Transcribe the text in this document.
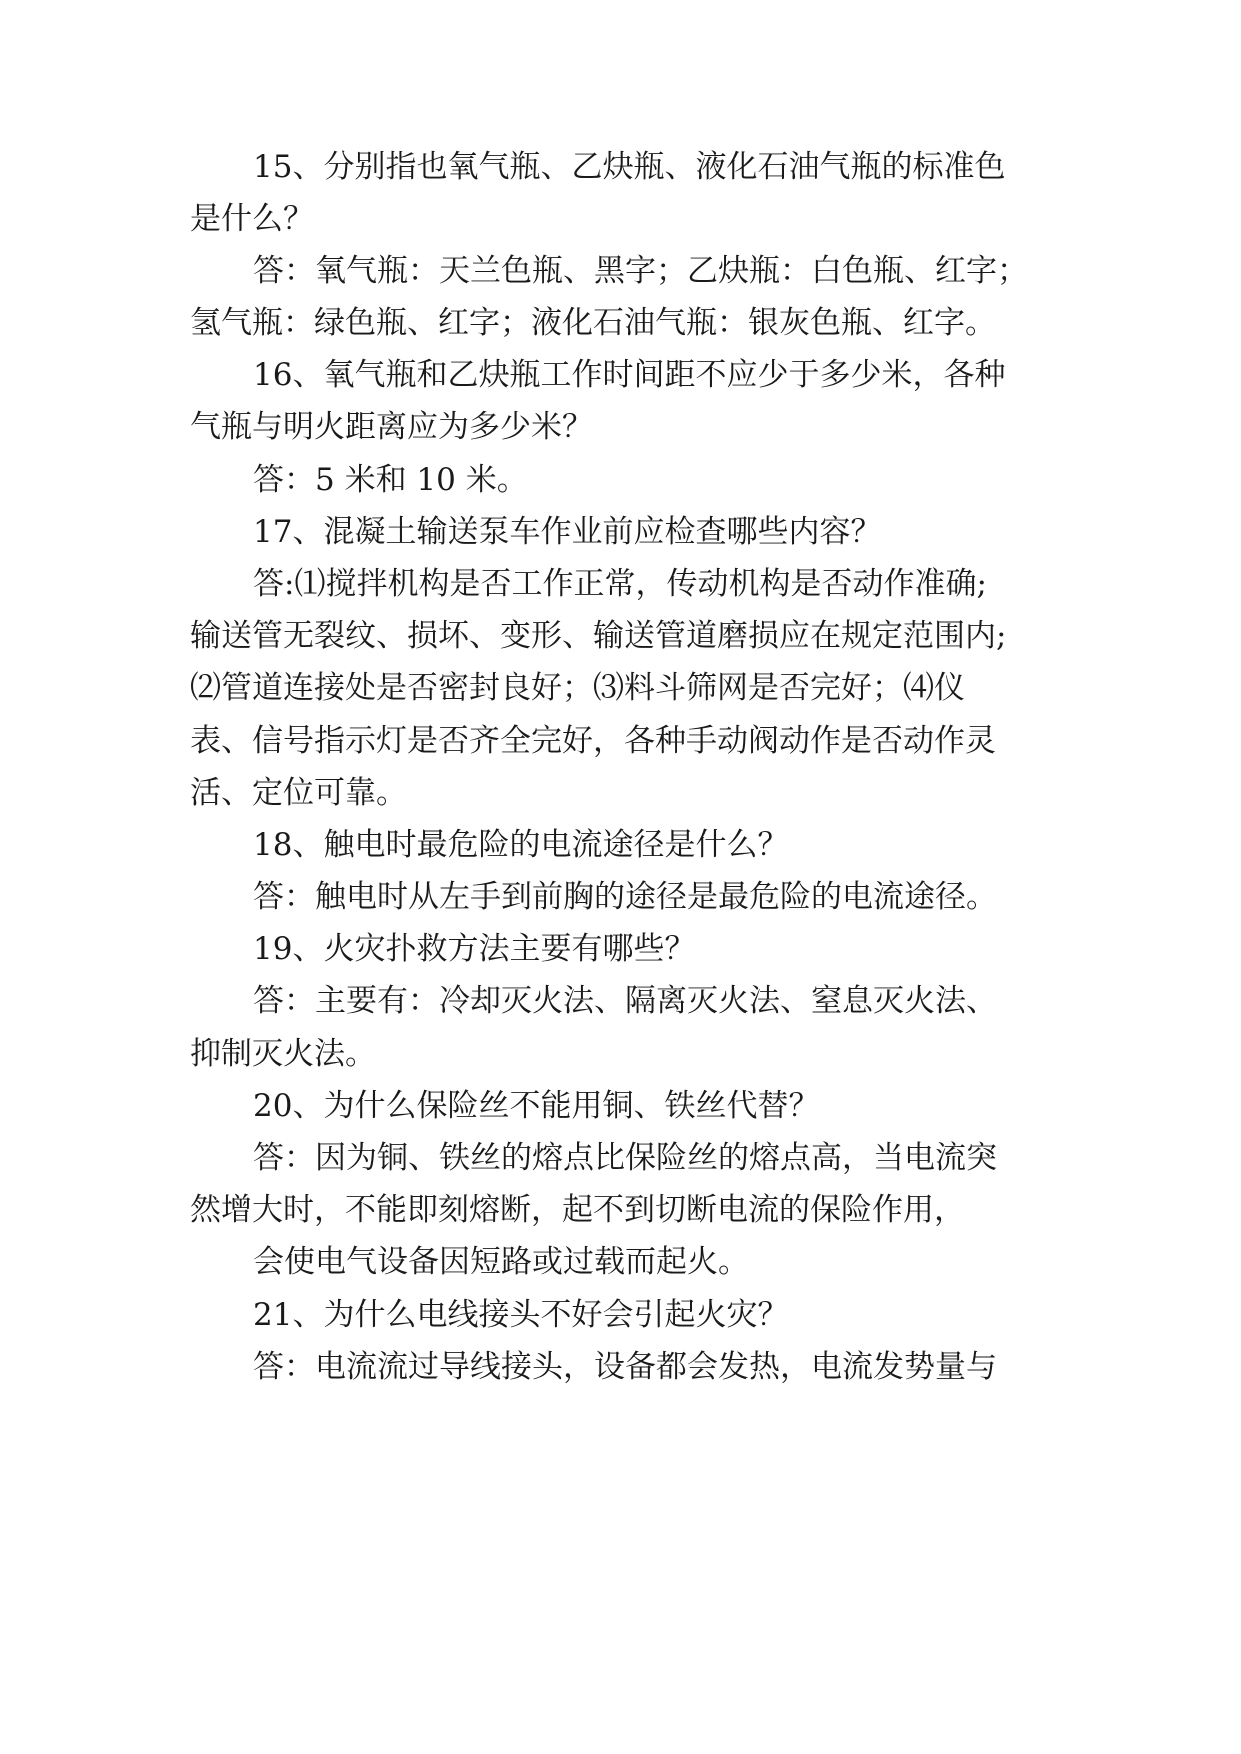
15、分别指也氧气瓶、乙炔瓶、液化石油气瓶的标准色
是什么？
答：氧气瓶：天兰色瓶、黑字；乙炔瓶：白色瓶、红字；
氢气瓶：绿色瓶、红字；液化石油气瓶：银灰色瓶、红字。
16、氧气瓶和乙炔瓶工作时间距不应少于多少米，各种
气瓶与明火距离应为多少米？
答：5 米和 10 米。
17、混凝土输送泵车作业前应检查哪些内容？
答:⑴搅拌机构是否工作正常，传动机构是否动作准确;
输送管无裂纹、损坏、变形、输送管道磨损应在规定范围内;
⑵管道连接处是否密封良好；⑶料斗筛网是否完好；⑷仪
表、信号指示灯是否齐全完好，各种手动阀动作是否动作灵
活、定位可靠。
18、触电时最危险的电流途径是什么？
答：触电时从左手到前胸的途径是最危险的电流途径。
19、火灾扑救方法主要有哪些？
答：主要有：冷却灭火法、隔离灭火法、窒息灭火法、
抑制灭火法。
20、为什么保险丝不能用铜、铁丝代替？
答：因为铜、铁丝的熔点比保险丝的熔点高，当电流突
然增大时，不能即刻熔断，起不到切断电流的保险作用，
会使电气设备因短路或过载而起火。
21、为什么电线接头不好会引起火灾？
答：电流流过导线接头，设备都会发热，电流发势量与
